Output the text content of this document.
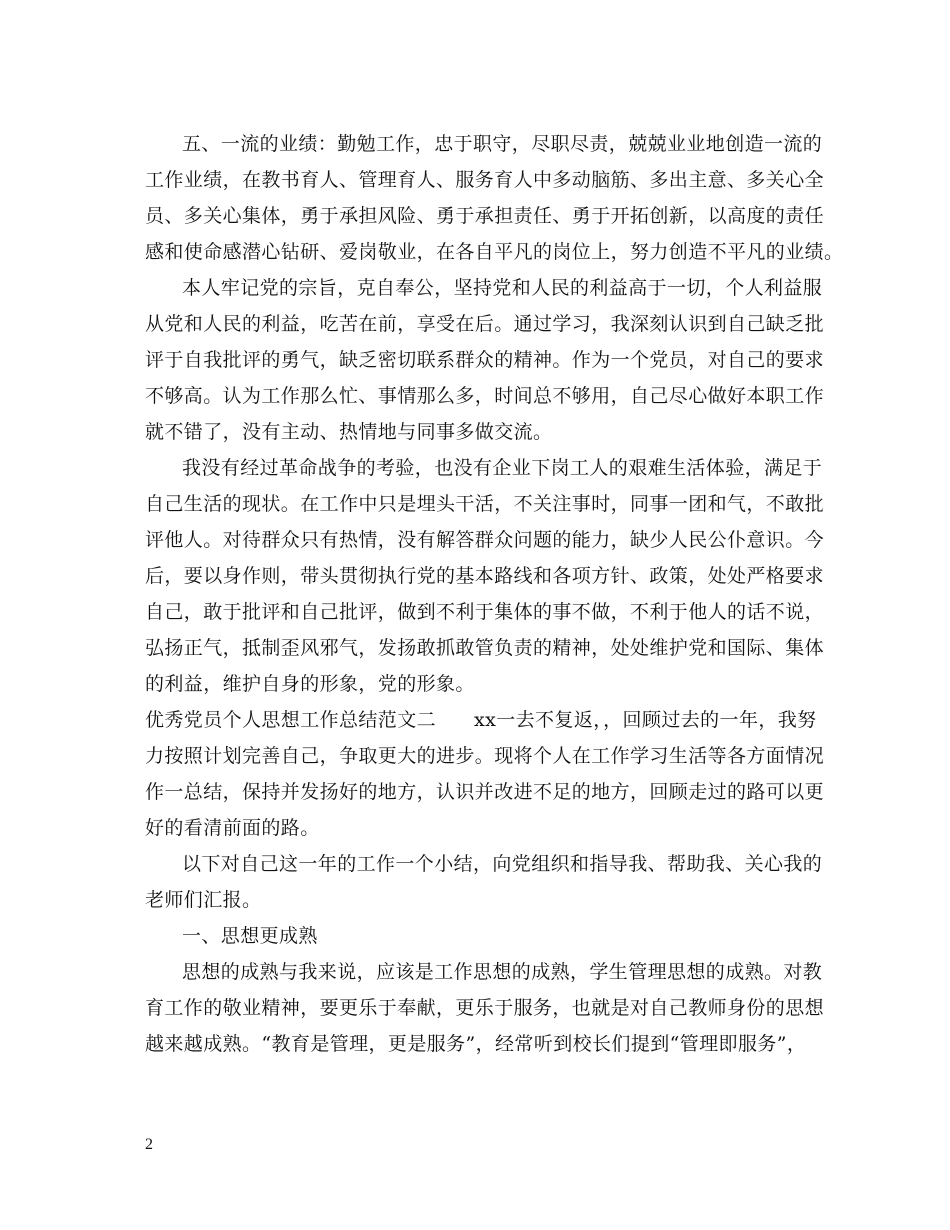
五、一流的业绩：勤勉工作，忠于职守，尽职尽责，兢兢业业地创造一流的
工作业绩，在教书育人、管理育人、服务育人中多动脑筋、多出主意、多关心全
员、多关心集体，勇于承担风险、勇于承担责任、勇于开拓创新，以高度的责任
感和使命感潜心钻研、爱岗敬业，在各自平凡的岗位上，努力创造不平凡的业绩。
本人牢记党的宗旨，克自奉公，坚持党和人民的利益高于一切，个人利益服
从党和人民的利益，吃苦在前，享受在后。通过学习，我深刻认识到自己缺乏批
评于自我批评的勇气，缺乏密切联系群众的精神。作为一个党员，对自己的要求
不够高。认为工作那么忙、事情那么多，时间总不够用，自己尽心做好本职工作
就不错了，没有主动、热情地与同事多做交流。
我没有经过革命战争的考验，也没有企业下岗工人的艰难生活体验，满足于
自己生活的现状。在工作中只是埋头干活，不关注事时，同事一团和气，不敢批
评他人。对待群众只有热情，没有解答群众问题的能力，缺少人民公仆意识。今
后，要以身作则，带头贯彻执行党的基本路线和各项方针、政策，处处严格要求
自己，敢于批评和自己批评，做到不利于集体的事不做，不利于他人的话不说，
弘扬正气，抵制歪风邪气，发扬敢抓敢管负责的精神，处处维护党和国际、集体
的利益，维护自身的形象，党的形象。
优秀党员个人思想工作总结范文二 xx一去不复返，，回顾过去的一年，我努
力按照计划完善自己，争取更大的进步。现将个人在工作学习生活等各方面情况
作一总结，保持并发扬好的地方，认识并改进不足的地方，回顾走过的路可以更
好的看清前面的路。
以下对自己这一年的工作一个小结，向党组织和指导我、帮助我、关心我的
老师们汇报。
一、思想更成熟
思想的成熟与我来说，应该是工作思想的成熟，学生管理思想的成熟。对教
育工作的敬业精神，要更乐于奉献，更乐于服务，也就是对自己教师身份的思想
越来越成熟。“教育是管理，更是服务”，经常听到校长们提到“管理即服务”，
2
